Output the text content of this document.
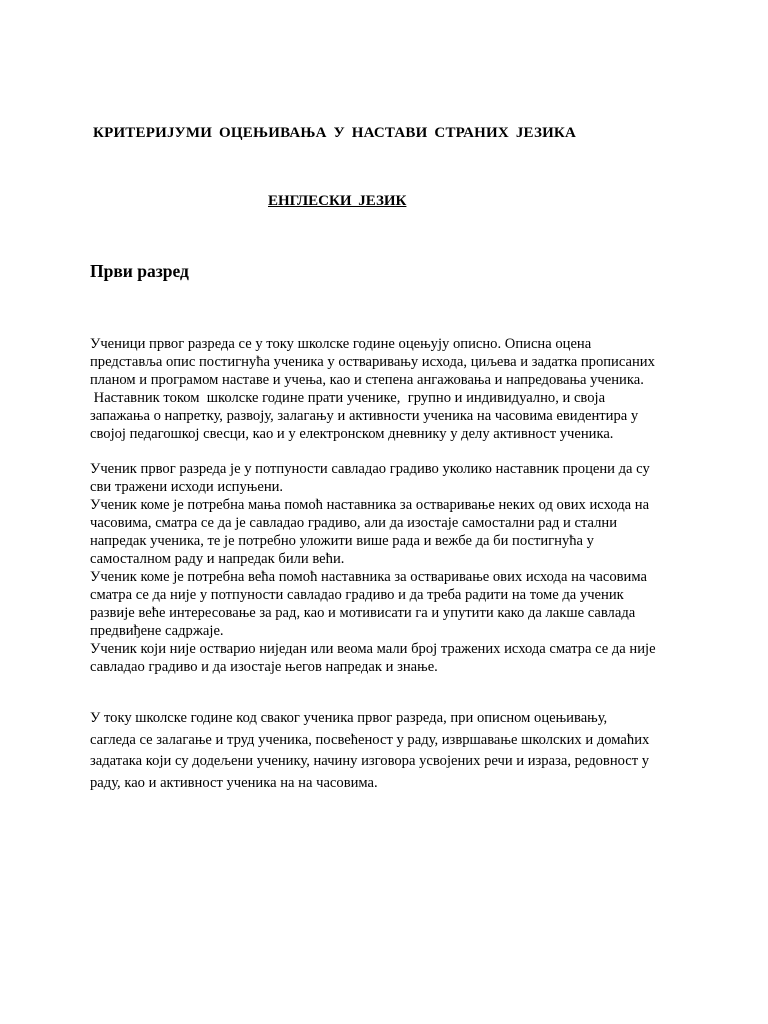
КРИТЕРИЈУМИ ОЦЕЊИВАЊА У НАСТАВИ СТРАНИХ ЈЕЗИКА
ЕНГЛЕСКИ ЈЕЗИК
Први разред
Ученици првог разреда се у току школске године оцењују описно. Описна оцена
представља опис постигнућа ученика у остваривању исхода, циљева и задатка прописаних
планом и програмом наставе и учења, као и степена ангажовања и напредовања ученика.
Наставник током  школске године прати ученике,  групно и индивидуално, и своја
запажања о напретку, развоју, залагању и активности ученика на часовима евидентира у
својој педагошкој свесци, као и у електронском дневнику у делу активност ученика.
Ученик првог разреда је у потпуности савладао градиво уколико наставник процени да су
сви тражени исходи испуњени.
Ученик коме је потребна мања помоћ наставника за остваривање неких од ових исхода на
часовима, сматра се да је савладао градиво, али да изостаје самостални рад и стални
напредак ученика, те је потребно уложити више рада и вежбе да би постигнућа у
самосталном раду и напредак били већи.
Ученик коме је потребна већа помоћ наставника за остваривање ових исхода на часовима
сматра се да није у потпуности савладао градиво и да треба радити на томе да ученик
развије веће интересовање за рад, као и мотивисати га и упутити како да лакше савлада
предвиђене садржаје.
Ученик који није остварио ниједан или веома мали број тражених исхода сматра се да није
савладао градиво и да изостаје његов напредак и знање.
У току школске године код сваког ученика првог разреда, при описном оцењивању,
сагледа се залагање и труд ученика, посвећеност у раду, извршавање школских и домаћих
задатака који су додељени ученику, начину изговора усвојених речи и израза, редовност у
раду, као и активност ученика на на часовима.
